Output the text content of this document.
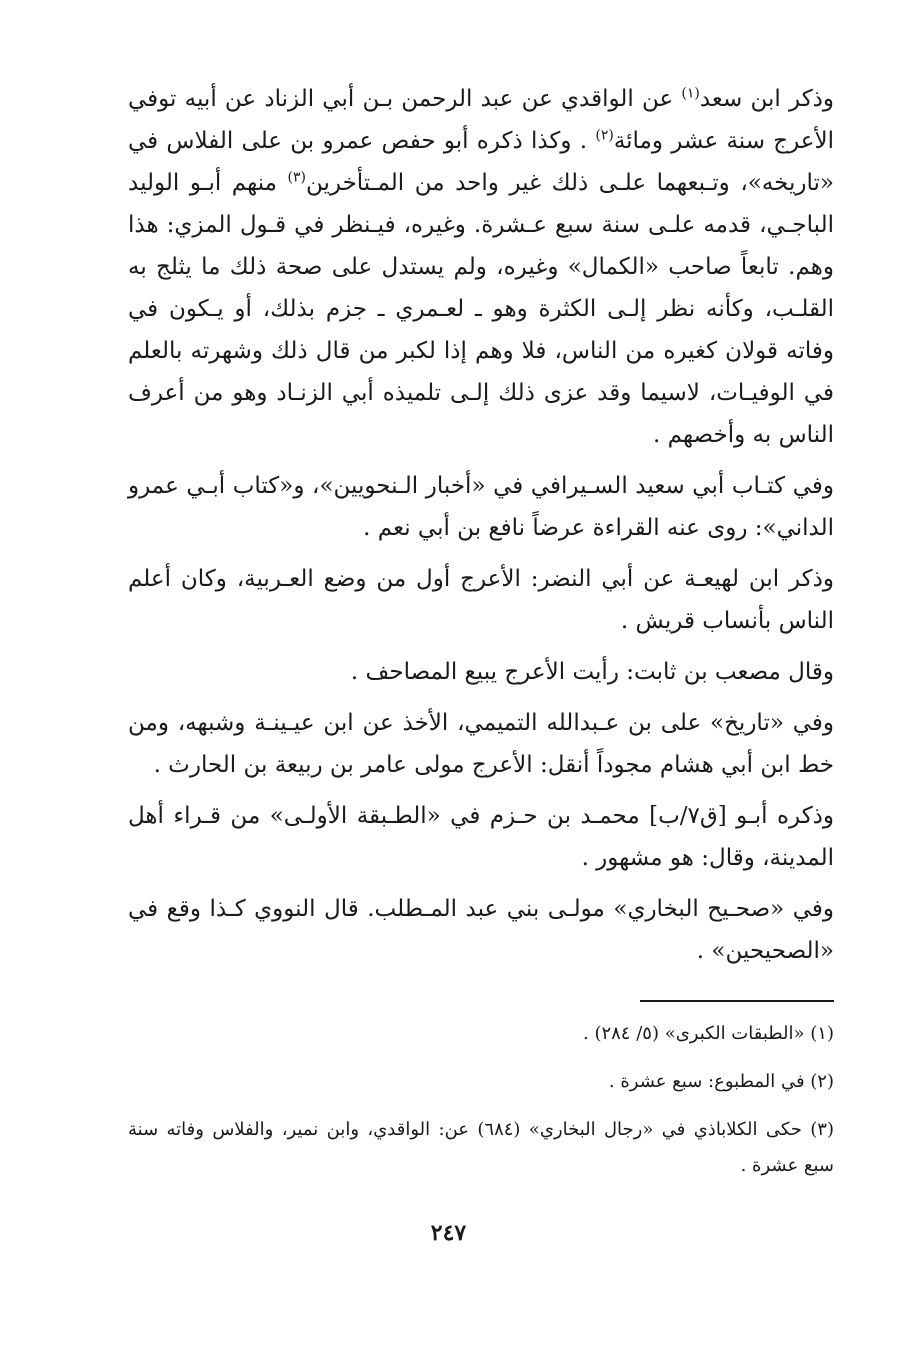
وذكر ابن سعد$^{(١)}$ عن الواقدي عن عبد الرحمن بـن أبي الزناد عن أبيه توفي الأعرج سنة عشر ومائة$^{(٢)}$ . وكذا ذكره أبو حفص عمرو بن على الفلاس في «تاريخه»، وتـبعهما علـى ذلك غير واحد من المـتأخرين$^{(٣)}$ منهم أبـو الوليد الباجـي، قدمه علـى سنة سبع عـشرة. وغيره، فيـنظر في قـول المزي: هذا وهم. تابعاً صاحب «الكمال» وغيره، ولم يستدل على صحة ذلك ما يثلج به القلـب، وكأنه نظر إلـى الكثرة وهو ـ لعـمري ـ جزم بذلك، أو يـكون في وفاته قولان كغيره من الناس، فلا وهم إذا لكبر من قال ذلك وشهرته بالعلم في الوفيـات، لاسيما وقد عزى ذلك إلـى تلميذه أبي الزنـاد وهو من أعرف الناس به وأخصهم .

وفي كتـاب أبي سعيد السـيرافي في «أخبار الـنحويين»، و«كتاب أبـي عمرو الداني»: روى عنه القراءة عرضاً نافع بن أبي نعم .

وذكر ابن لهيعـة عن أبي النضر: الأعرج أول من وضع العـربية، وكان أعلم الناس بأنساب قريش .

وقال مصعب بن ثابت: رأيت الأعرج يبيع المصاحف .

وفي «تاريخ» على بن عـبدالله التميمي، الأخذ عن ابن عيـينـة وشبهه، ومن خط ابن أبي هشام مجوداً أنقل: الأعرج مولى عامر بن ربيعة بن الحارث .

وذكره أبـو [ق٧/ب] محمـد بن حـزم في «الطـبقة الأولـى» من قـراء أهل المدينة، وقال: هو مشهور .

وفي «صحـيح البخاري» مولـى بني عبد المـطلب. قال النووي كـذا وقع في «الصحيحين» .

(١) «الطبقات الكبرى» (٥/ ٢٨٤) .

(٢) في المطبوع: سبع عشرة .

(٣) حكى الكلاباذي في «رجال البخاري» (٦٨٤) عن: الواقدي، وابن نمير، والفلاس وفاته سنة سبع عشرة .

٢٤٧
